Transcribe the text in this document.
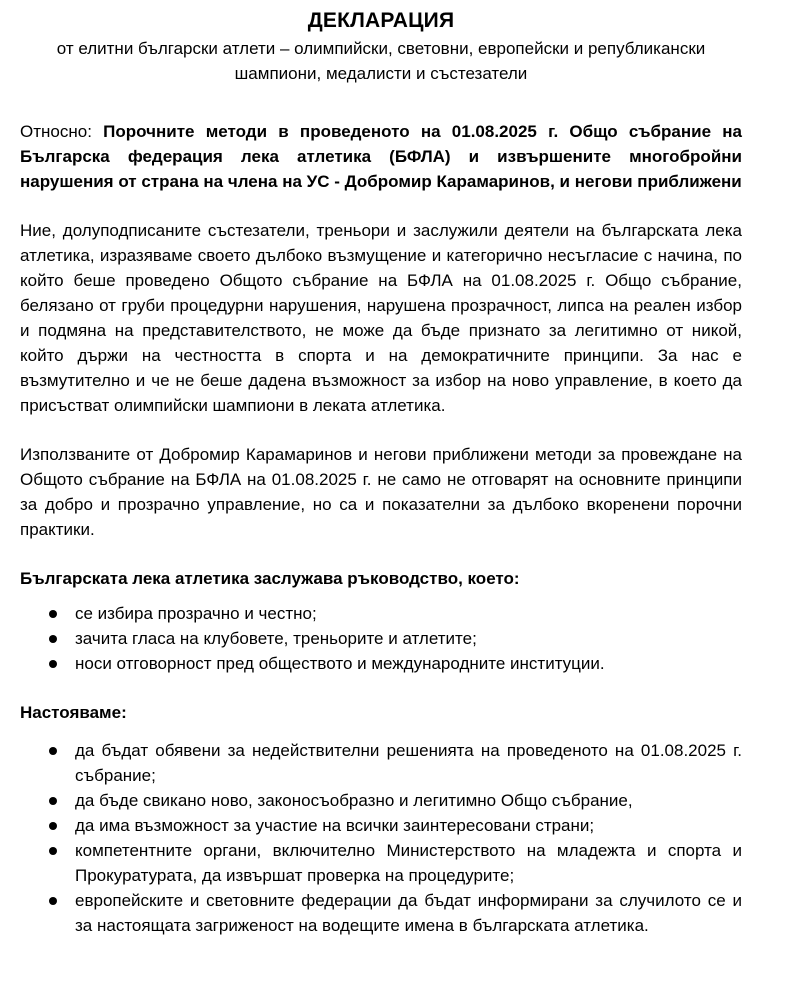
ДЕКЛАРАЦИЯ
от елитни български атлети – олимпийски, световни, европейски и републикански
шампиони, медалисти и състезатели

Относно: Порочните методи в проведеното на 01.08.2025 г. Общо събрание на Българска федерация лека атлетика (БФЛА) и извършените многобройни нарушения от страна на члена на УС - Добромир Карамаринов, и негови приближени

Ние, долуподписаните състезатели, треньори и заслужили деятели на българската лека атлетика, изразяваме своето дълбоко възмущение и категорично несъгласие с начина, по който беше проведено Общото събрание на БФЛА на 01.08.2025 г. Общо събрание, белязано от груби процедурни нарушения, нарушена прозрачност, липса на реален избор и подмяна на представителството, не може да бъде признато за легитимно от никой, който държи на честността в спорта и на демократичните принципи. За нас е възмутително и че не беше дадена възможност за избор на ново управление, в което да присъстват олимпийски шампиони в леката атлетика.

Използваните от Добромир Карамаринов и негови приближени методи за провеждане на Общото събрание на БФЛА на 01.08.2025 г. не само не отговарят на основните принципи за добро и прозрачно управление, но са и показателни за дълбоко вкоренени порочни практики.

Българската лека атлетика заслужава ръководство, което:
се избира прозрачно и честно;
зачита гласа на клубовете, треньорите и атлетите;
носи отговорност пред обществото и международните институции.
Настояваме:
да бъдат обявени за недействителни решенията на проведеното на 01.08.2025 г. събрание;
да бъде свикано ново, законосъобразно и легитимно Общо събрание,
да има възможност за участие на всички заинтересовани страни;
компетентните органи, включително Министерството на младежта и спорта и Прокуратурата, да извършат проверка на процедурите;
европейските и световните федерации да бъдат информирани за случилото се и за настоящата загриженост на водещите имена в българската атлетика.
